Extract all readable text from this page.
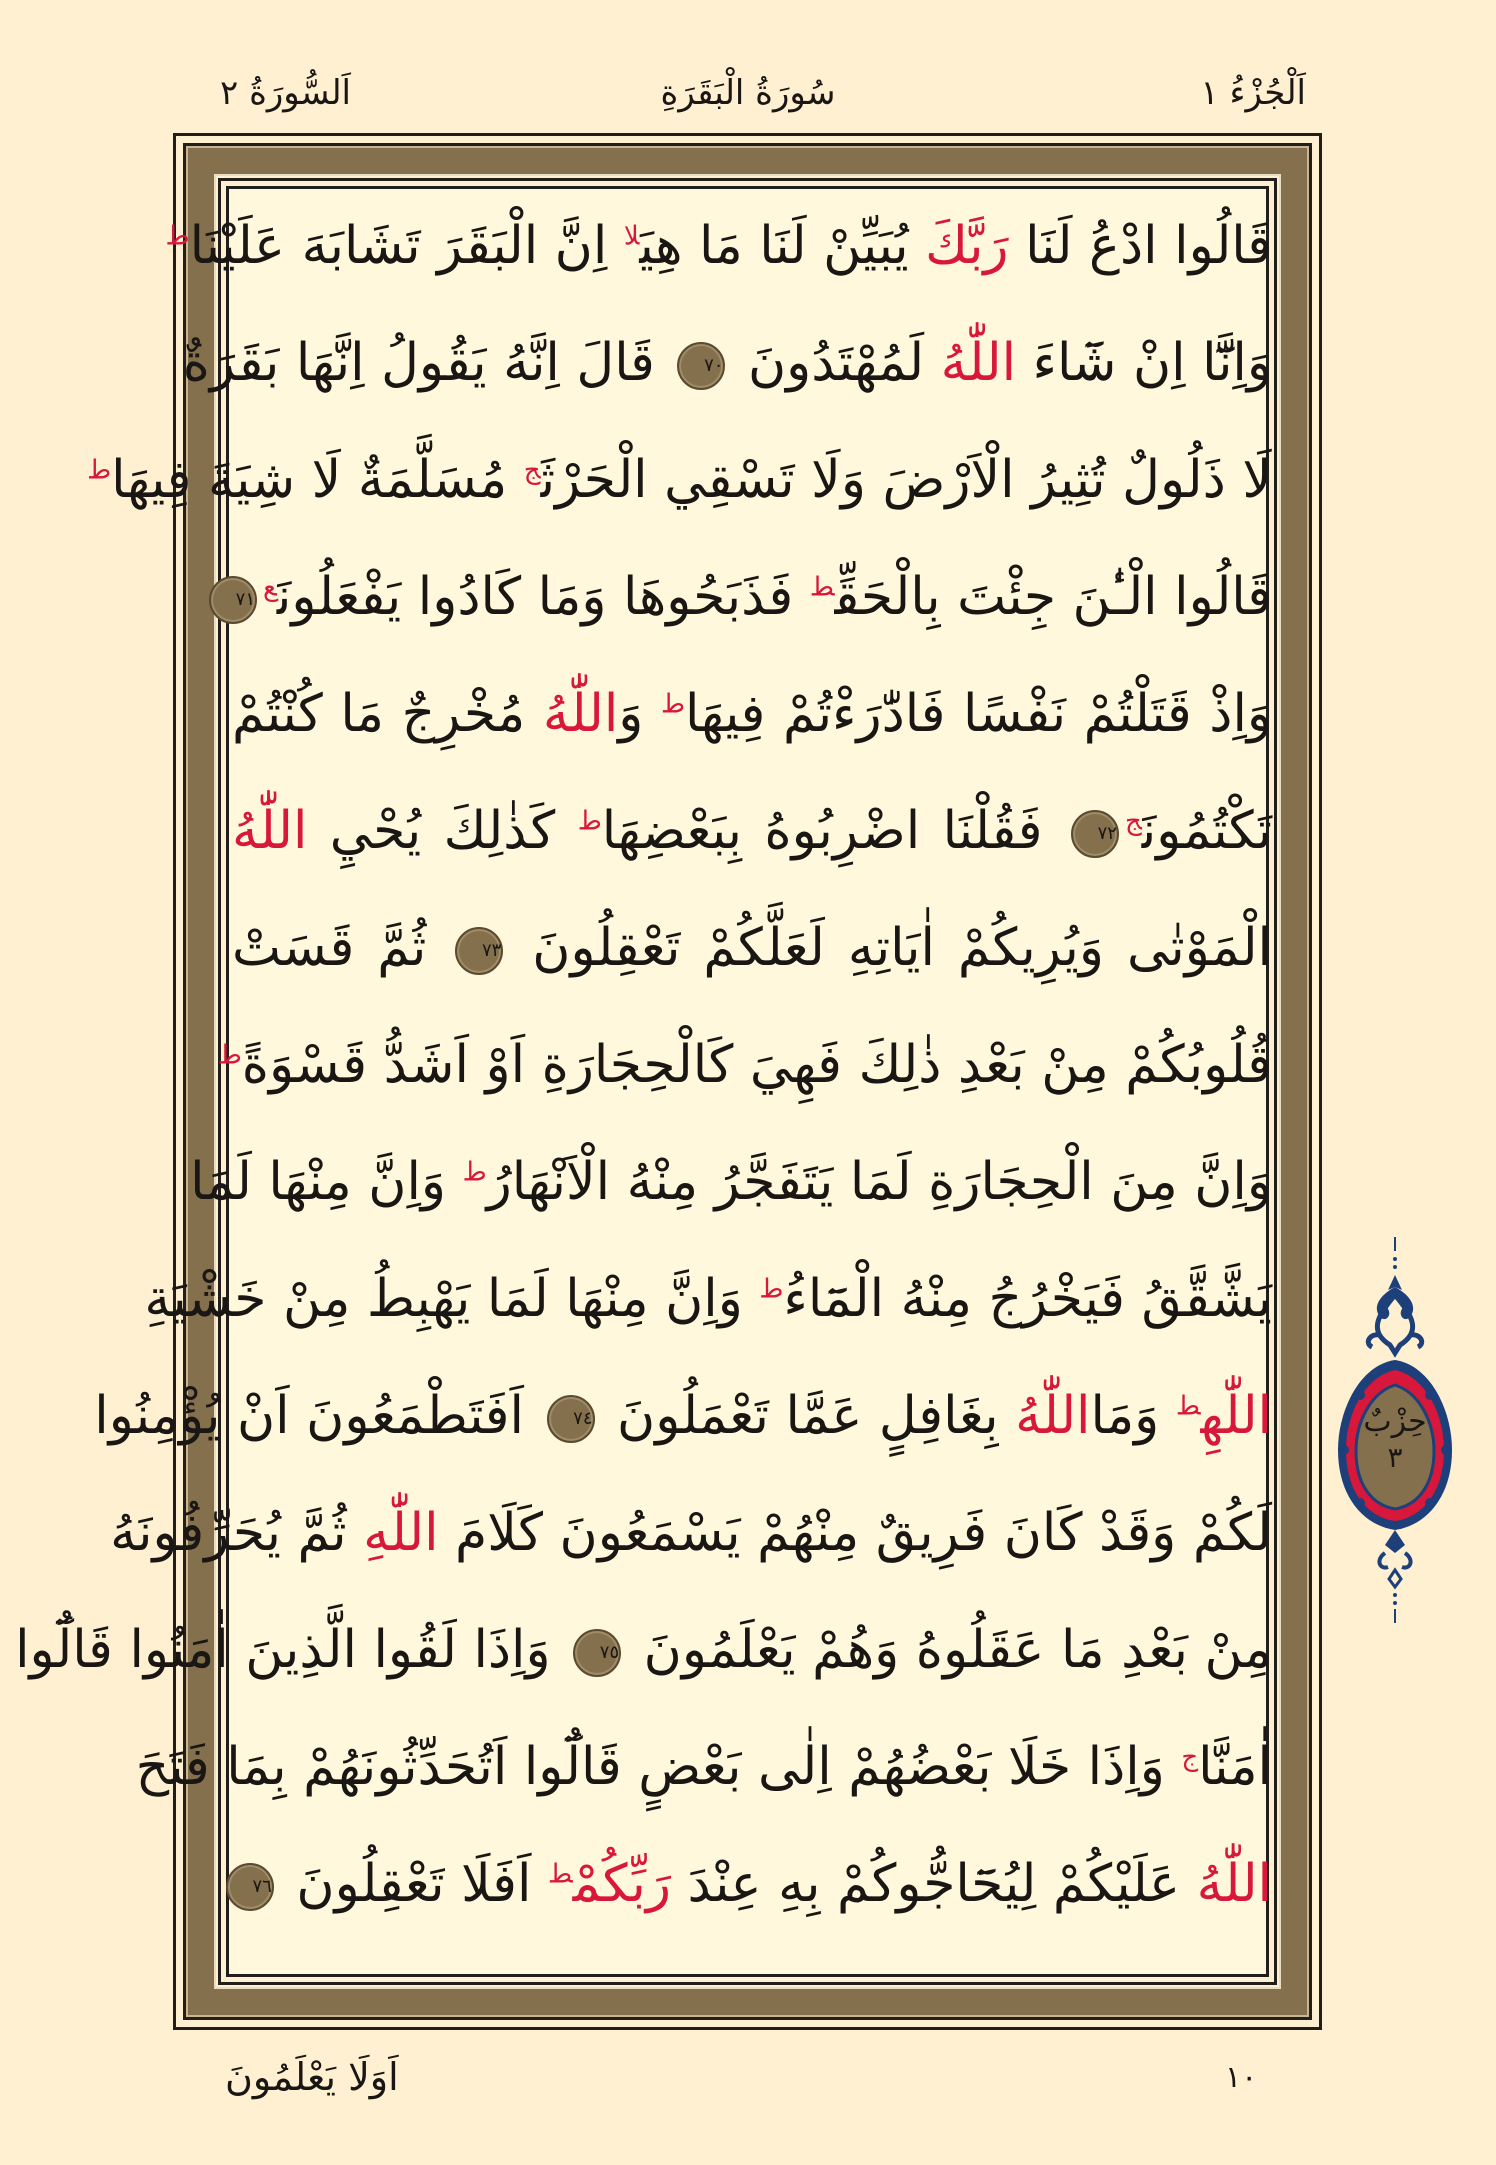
اَلْجُزْءُ ١
سُورَةُ الْبَقَرَةِ
اَلسُّورَةُ ٢
قَالُوا ادْعُ لَنَا رَبَّكَ يُبَيِّنْ لَنَا مَا هِيَ$^{لا}$ اِنَّ الْبَقَرَ تَشَابَهَ عَلَيْنَا$^ط$
وَاِنَّٓا اِنْ شَٓاءَ اللّٰهُ لَمُهْتَدُونَ ٧٠ قَالَ اِنَّهُ يَقُولُ اِنَّهَا بَقَرَةٌ
لَا ذَلُولٌ تُثِيرُ الْاَرْضَ وَلَا تَسْقِي الْحَرْثَ$^ج$ مُسَلَّمَةٌ لَا شِيَةَ فِيهَا$^ط$
قَالُوا الْـٰٔنَ جِئْتَ بِالْحَقِّ$^ط$ فَذَبَحُوهَا وَمَا كَادُوا يَفْعَلُونَ$^ع$٧١
وَاِذْ قَتَلْتُمْ نَفْسًا فَادّٰرَءْتُمْ فِيهَا$^ط$ وَاللّٰهُ مُخْرِجٌ مَا كُنْتُمْ
تَكْتُمُونَ$^ج$٧٢ فَقُلْنَا اضْرِبُوهُ بِبَعْضِهَا$^ط$ كَذٰلِكَ يُحْيِ اللّٰهُ
الْمَوْتٰى وَيُرِيكُمْ اٰيَاتِهِ لَعَلَّكُمْ تَعْقِلُونَ ٧٣ ثُمَّ قَسَتْ
قُلُوبُكُمْ مِنْ بَعْدِ ذٰلِكَ فَهِيَ كَالْحِجَارَةِ اَوْ اَشَدُّ قَسْوَةً$^ط$
وَاِنَّ مِنَ الْحِجَارَةِ لَمَا يَتَفَجَّرُ مِنْهُ الْاَنْهَارُ$^ط$ وَاِنَّ مِنْهَا لَمَا
يَشَّقَّقُ فَيَخْرُجُ مِنْهُ الْمَٓاءُ$^ط$ وَاِنَّ مِنْهَا لَمَا يَهْبِطُ مِنْ خَشْيَةِ
اللّٰهِ$^ط$ وَمَااللّٰهُ بِغَافِلٍ عَمَّا تَعْمَلُونَ ٧٤ اَفَتَطْمَعُونَ اَنْ يُؤْمِنُوا
لَكُمْ وَقَدْ كَانَ فَرِيقٌ مِنْهُمْ يَسْمَعُونَ كَلَامَ اللّٰهِ ثُمَّ يُحَرِّفُونَهُ
مِنْ بَعْدِ مَا عَقَلُوهُ وَهُمْ يَعْلَمُونَ ٧٥ وَاِذَا لَقُوا الَّذِينَ اٰمَنُوا قَالُٓوا
اٰمَنَّا$^ج$ وَاِذَا خَلَا بَعْضُهُمْ اِلٰى بَعْضٍ قَالُٓوا اَتُحَدِّثُونَهُمْ بِمَا فَتَحَ
اللّٰهُ عَلَيْكُمْ لِيُحَٓاجُّوكُمْ بِهِ عِنْدَ رَبِّكُمْ$^ط$ اَفَلَا تَعْقِلُونَ ٧٦
حِزْبٌ
٣
اَوَلَا يَعْلَمُونَ	١٠
